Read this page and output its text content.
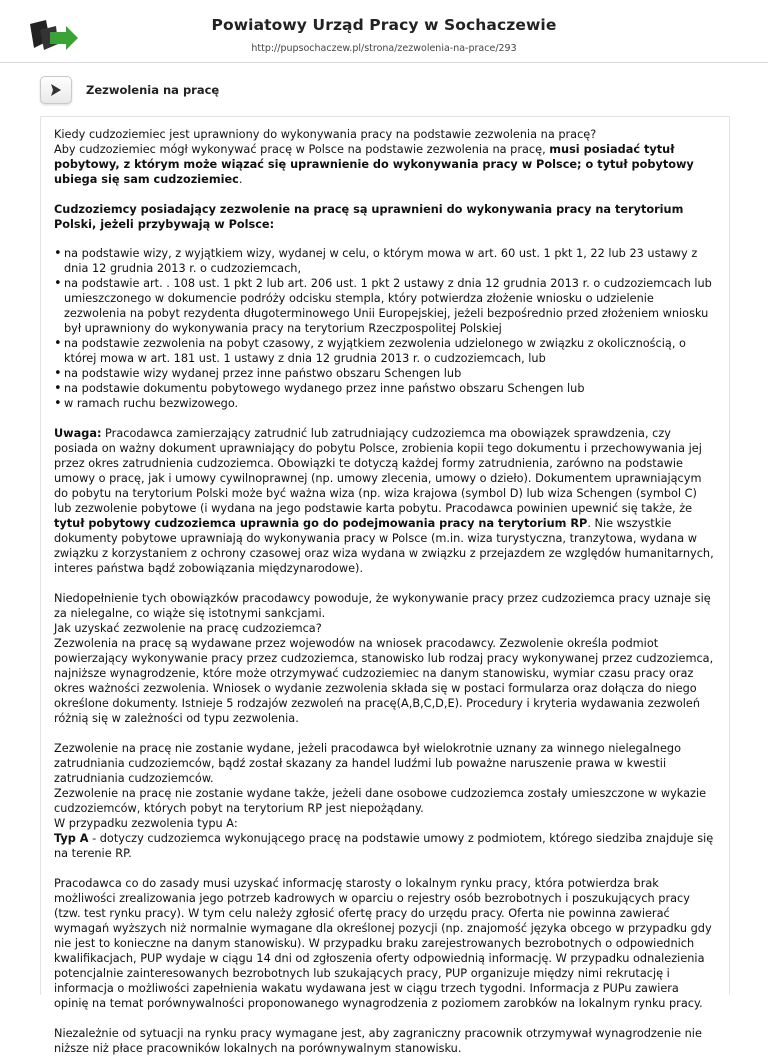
Powiatowy Urząd Pracy w Sochaczewie
http://pupsochaczew.pl/strona/zezwolenia-na-prace/293
Zezwolenia na pracę

Kiedy cudzoziemiec jest uprawniony do wykonywania pracy na podstawie zezwolenia na pracę?
Aby cudzoziemiec mógł wykonywać pracę w Polsce na podstawie zezwolenia na pracę, musi posiadać tytuł pobytowy, z którym może wiązać się uprawnienie do wykonywania pracy w Polsce; o tytuł pobytowy ubiega się sam cudzoziemiec.

Cudzoziemcy posiadający zezwolenie na pracę są uprawnieni do wykonywania pracy na terytorium Polski, jeżeli przybywają w Polsce:

• na podstawie wizy, z wyjątkiem wizy, wydanej w celu, o którym mowa w art. 60 ust. 1 pkt 1, 22 lub 23 ustawy z dnia 12 grudnia 2013 r. o cudzoziemcach,
• na podstawie art. . 108 ust. 1 pkt 2 lub art. 206 ust. 1 pkt 2 ustawy z dnia 12 grudnia 2013 r. o cudzoziemcach lub umieszczonego w dokumencie podróży odcisku stempla, który potwierdza złożenie wniosku o udzielenie zezwolenia na pobyt rezydenta długoterminowego Unii Europejskiej, jeżeli bezpośrednio przed złożeniem wniosku był uprawniony do wykonywania pracy na terytorium Rzeczpospolitej Polskiej
• na podstawie zezwolenia na pobyt czasowy, z wyjątkiem zezwolenia udzielonego w związku z okolicznością, o której mowa w art. 181 ust. 1 ustawy z dnia 12 grudnia 2013 r. o cudzoziemcach, lub
• na podstawie wizy wydanej przez inne państwo obszaru Schengen lub
• na podstawie dokumentu pobytowego wydanego przez inne państwo obszaru Schengen lub
• w ramach ruchu bezwizowego.

Uwaga: Pracodawca zamierzający zatrudnić lub zatrudniający cudzoziemca ma obowiązek sprawdzenia, czy posiada on ważny dokument uprawniający do pobytu Polsce, zrobienia kopii tego dokumentu i przechowywania jej przez okres zatrudnienia cudzoziemca. Obowiązki te dotyczą każdej formy zatrudnienia, zarówno na podstawie umowy o pracę, jak i umowy cywilnoprawnej (np. umowy zlecenia, umowy o dzieło). Dokumentem uprawniającym do pobytu na terytorium Polski może być ważna wiza (np. wiza krajowa (symbol D) lub wiza Schengen (symbol C) lub zezwolenie pobytowe (i wydana na jego podstawie karta pobytu. Pracodawca powinien upewnić się także, że tytuł pobytowy cudzoziemca uprawnia go do podejmowania pracy na terytorium RP. Nie wszystkie dokumenty pobytowe uprawniają do wykonywania pracy w Polsce (m.in. wiza turystyczna, tranzytowa, wydana w związku z korzystaniem z ochrony czasowej oraz wiza wydana w związku z przejazdem ze względów humanitarnych, interes państwa bądź zobowiązania międzynarodowe).

Niedopełnienie tych obowiązków pracodawcy powoduje, że wykonywanie pracy przez cudzoziemca pracy uznaje się za nielegalne, co wiąże się istotnymi sankcjami.
Jak uzyskać zezwolenie na pracę cudzoziemca?
Zezwolenia na pracę są wydawane przez wojewodów na wniosek pracodawcy. Zezwolenie określa podmiot powierzający wykonywanie pracy przez cudzoziemca, stanowisko lub rodzaj pracy wykonywanej przez cudzoziemca, najniższe wynagrodzenie, które może otrzymywać cudzoziemiec na danym stanowisku, wymiar czasu pracy oraz okres ważności zezwolenia. Wniosek o wydanie zezwolenia składa się w postaci formularza oraz dołącza do niego określone dokumenty. Istnieje 5 rodzajów zezwoleń na pracę(A,B,C,D,E). Procedury i kryteria wydawania zezwoleń różnią się w zależności od typu zezwolenia.

Zezwolenie na pracę nie zostanie wydane, jeżeli pracodawca był wielokrotnie uznany za winnego nielegalnego zatrudniania cudzoziemców, bądź został skazany za handel ludźmi lub poważne naruszenie prawa w kwestii zatrudniania cudzoziemców.
Zezwolenie na pracę nie zostanie wydane także, jeżeli dane osobowe cudzoziemca zostały umieszczone w wykazie cudzoziemców, których pobyt na terytorium RP jest niepożądany.
W przypadku zezwolenia typu A:
Typ A - dotyczy cudzoziemca wykonującego pracę na podstawie umowy z podmiotem, którego siedziba znajduje się na terenie RP.

Pracodawca co do zasady musi uzyskać informację starosty o lokalnym rynku pracy, która potwierdza brak możliwości zrealizowania jego potrzeb kadrowych w oparciu o rejestry osób bezrobotnych i poszukujących pracy (tzw. test rynku pracy). W tym celu należy zgłosić ofertę pracy do urzędu pracy. Oferta nie powinna zawierać wymagań wyższych niż normalnie wymagane dla określonej pozycji (np. znajomość języka obcego w przypadku gdy nie jest to konieczne na danym stanowisku). W przypadku braku zarejestrowanych bezrobotnych o odpowiednich kwalifikacjach, PUP wydaje w ciągu 14 dni od zgłoszenia oferty odpowiednią informację. W przypadku odnalezienia potencjalnie zainteresowanych bezrobotnych lub szukających pracy, PUP organizuje między nimi rekrutację i informacja o możliwości zapełnienia wakatu wydawana jest w ciągu trzech tygodni. Informacja z PUPu zawiera opinię na temat porównywalności proponowanego wynagrodzenia z poziomem zarobków na lokalnym rynku pracy.

Niezależnie od sytuacji na rynku pracy wymagane jest, aby zagraniczny pracownik otrzymywał wynagrodzenie nie niższe niż płace pracowników lokalnych na porównywalnym stanowisku.
